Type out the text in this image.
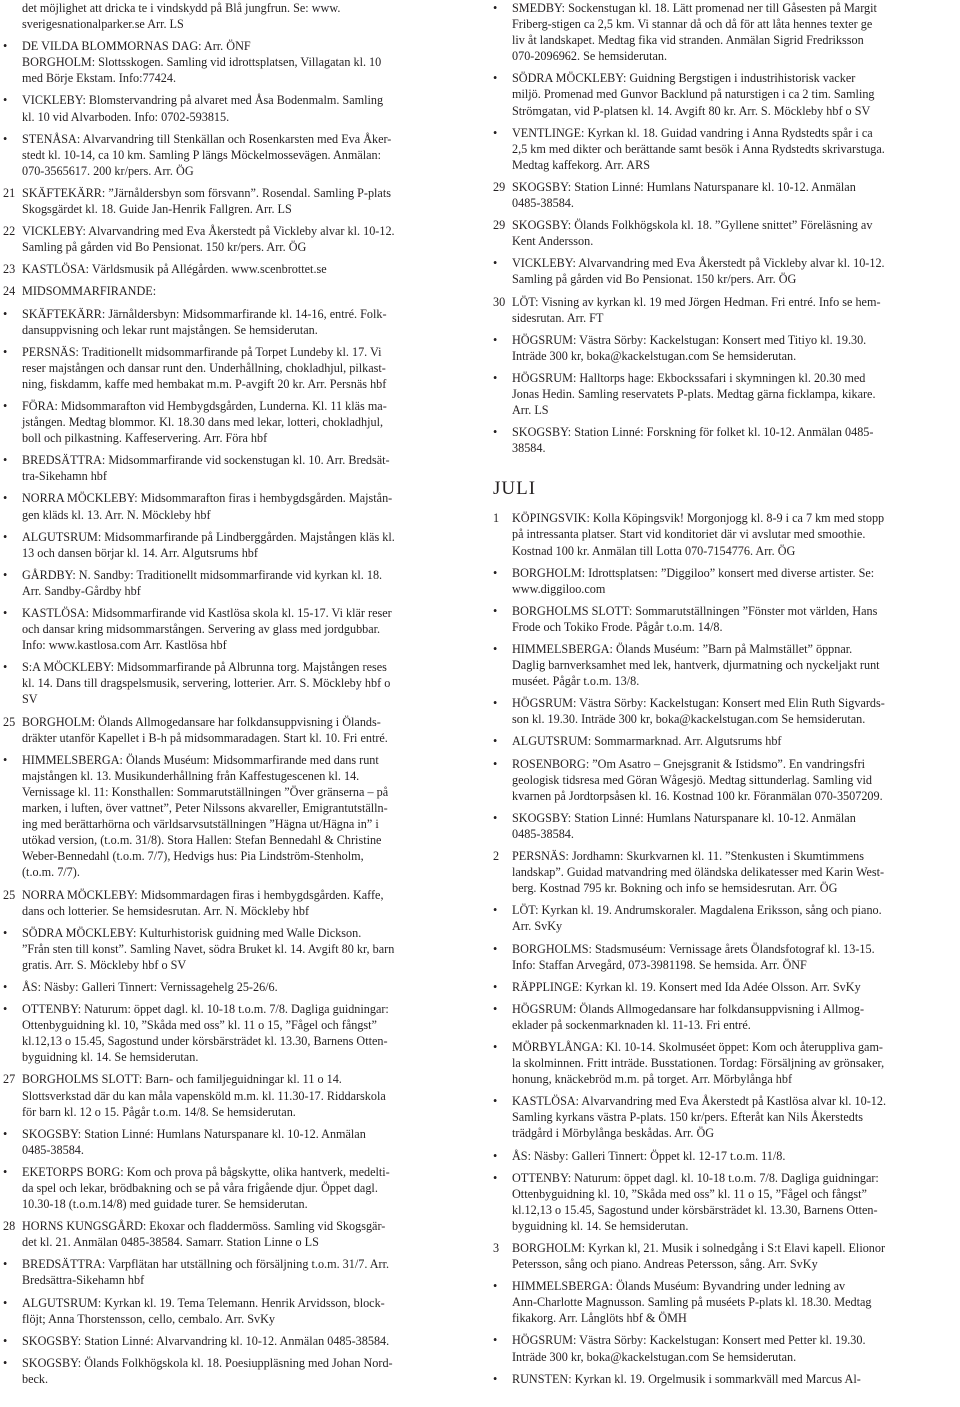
det möjlighet att dricka te i vindskydd på Blå jungfrun. Se: www.
sverigesnationalparker.se Arr. LS
•	DE VILDA BLOMMORNAS DAG: Arr. ÖNF
BORGHOLM: Slottsskogen. Samling vid idrottsplatsen, Villagatan kl. 10
med Börje Ekstam. Info:77424.
•	VICKLEBY: Blomstervandring på alvaret med Åsa Bodenmalm. Samling
kl. 10 vid Alvarboden. Info: 0702-593815.
•	STENÅSA: Alvarvandring till Stenkällan och Rosenkarsten med Eva Åker-
stedt kl. 10-14, ca 10 km. Samling P längs Möckelmossevägen. Anmälan:
070-3565617. 200 kr/pers. Arr. ÖG
21 SKÄFTEKÄRR: ”Järnåldersbyn som försvann”. Rosendal. Samling P-plats
Skogsgärdet kl. 18. Guide Jan-Henrik Fallgren. Arr. LS
22 VICKLEBY: Alvarvandring med Eva Åkerstedt på Vickleby alvar kl. 10-12.
Samling på gården vid Bo Pensionat. 150 kr/pers. Arr. ÖG
23 KASTLÖSA: Världsmusik på Allégården. www.scenbrottet.se
24 MIDSOMMARFIRANDE:
•	SKÄFTEKÄRR: Järnåldersbyn: Midsommarfirande kl. 14-16, entré. Folk-
dansuppvisning och lekar runt majstången. Se hemsiderutan.
•	PERSNÄS: Traditionellt midsommarfirande på Torpet Lundeby kl. 17. Vi
reser majstången och dansar runt den. Underhållning, chokladhjul, pilkast-
ning, fiskdamm, kaffe med hembakat m.m. P-avgift 20 kr. Arr. Persnäs hbf
•	FÖRA: Midsommarafton vid Hembygdsgården, Lunderna. Kl. 11 kläs ma-
jstången. Medtag blommor. Kl. 18.30 dans med lekar, lotteri, chokladhjul,
boll och pilkastning. Kaffeservering. Arr. Föra hbf
•	BREDSÄTTRA: Midsommarfirande vid sockenstugan kl. 10. Arr. Bredsät-
tra-Sikehamn hbf
•	NORRA MÖCKLEBY: Midsommarafton firas i hembygdsgården. Majstån-
gen kläds kl. 13. Arr. N. Möckleby hbf
•	ALGUTSRUM: Midsommarfirande på Lindberggården. Majstången kläs kl.
13 och dansen börjar kl. 14. Arr. Algutsrums hbf
•	GÅRDBY: N. Sandby: Traditionellt midsommarfirande vid kyrkan kl. 18.
Arr. Sandby-Gårdby hbf
•	KASTLÖSA: Midsommarfirande vid Kastlösa skola kl. 15-17. Vi klär reser
och dansar kring midsommarstången. Servering av glass med jordgubbar.
Info: www.kastlosa.com Arr. Kastlösa hbf
•	S:A MÖCKLEBY: Midsommarfirande på Albrunna torg. Majstången reses
kl. 14. Dans till dragspelsmusik, servering, lotterier. Arr. S. Möckleby hbf o
SV
25 BORGHOLM: Ölands Allmogedansare har folkdansuppvisning i Ölands-
dräkter utanför Kapellet i B-h på midsommaradagen. Start kl. 10. Fri entré.
•	HIMMELSBERGA: Ölands Muséum: Midsommarfirande med dans runt
majstången kl. 13. Musikunderhållning från Kaffestugescenen kl. 14.
Vernissage kl. 11: Konsthallen: Sommarutställningen ”Över gränserna – på
marken, i luften, över vattnet”, Peter Nilssons akvareller, Emigrantutställn-
ing med berättarhörna och världsarvsutställningen ”Hägna ut/Hägna in” i
utökad version, (t.o.m. 31/8). Stora Hallen: Stefan Bennedahl & Christine
Weber-Bennedahl (t.o.m. 7/7), Hedvigs hus: Pia Lindström-Stenholm,
(t.o.m. 7/7).
25 NORRA MÖCKLEBY: Midsommardagen firas i hembygdsgården. Kaffe,
dans och lotterier. Se hemsidesrutan. Arr. N. Möckleby hbf
•	SÖDRA MÖCKLEBY: Kulturhistorisk guidning med Walle Dickson.
”Från sten till konst”. Samling Navet, södra Bruket kl. 14. Avgift 80 kr, barn
gratis. Arr. S. Möckleby hbf o SV
•	ÅS: Näsby: Galleri Tinnert: Vernissagehelg 25-26/6.
•	OTTENBY: Naturum: öppet dagl. kl. 10-18 t.o.m. 7/8. Dagliga guidningar:
Ottenbyguidning kl. 10, ”Skåda med oss” kl. 11 o 15, ”Fågel och fångst”
kl.12,13 o 15.45, Sagostund under körsbärsträdet kl. 13.30, Barnens Otten-
byguidning kl. 14. Se hemsiderutan.
27 BORGHOLMS SLOTT: Barn- och familjeguidningar kl. 11 o 14.
Slottsverkstad där du kan måla vapensköld m.m. kl. 11.30-17. Riddarskola
för barn kl. 12 o 15. Pågår t.o.m. 14/8. Se hemsiderutan.
•	SKOGSBY: Station Linné: Humlans Naturspanare kl. 10-12. Anmälan
0485-38584.
•	EKETORPS BORG: Kom och prova på bågskytte, olika hantverk, medelti-
da spel och lekar, brödbakning och se på våra frigående djur. Öppet dagl.
10.30-18 (t.o.m.14/8) med guidade turer. Se hemsiderutan.
28 HORNS KUNGSGÅRD: Ekoxar och fladdermöss. Samling vid Skogsgär-
det kl. 21. Anmälan 0485-38584. Samarr. Station Linne o LS
•	BREDSÄTTRA: Varpflätan har utställning och försäljning t.o.m. 31/7. Arr.
Bredsättra-Sikehamn hbf
•	ALGUTSRUM: Kyrkan kl. 19. Tema Telemann. Henrik Arvidsson, block-
flöjt; Anna Thorstensson, cello, cembalo. Arr. SvKy
•	SKOGSBY: Station Linné: Alvarvandring kl. 10-12. Anmälan 0485-38584.
•	SKOGSBY: Ölands Folkhögskola kl. 18. Poesiuppläsning med Johan Nord-
beck.
•	SMEDBY: Sockenstugan kl. 18. Lätt promenad ner till Gåsesten på Margit
Friberg-stigen ca 2,5 km. Vi stannar då och då för att låta hennes texter ge
liv åt landskapet. Medtag fika vid stranden. Anmälan Sigrid Fredriksson
070-2096962. Se hemsiderutan.
•	SÖDRA MÖCKLEBY: Guidning Bergstigen i industrihistorisk vacker
miljö. Promenad med Gunvor Backlund på naturstigen i ca 2 tim. Samling
Strömgatan, vid P-platsen kl. 14. Avgift 80 kr. Arr. S. Möckleby hbf o SV
•	VENTLINGE: Kyrkan kl. 18. Guidad vandring i Anna Rydstedts spår i ca
2,5 km med dikter och berättande samt besök i Anna Rydstedts skrivarstuga.
Medtag kaffekorg. Arr. ARS
29 SKOGSBY: Station Linné: Humlans Naturspanare kl. 10-12. Anmälan
0485-38584.
29 SKOGSBY: Ölands Folkhögskola kl. 18. ”Gyllene snittet” Föreläsning av
Kent Andersson.
•	VICKLEBY: Alvarvandring med Eva Åkerstedt på Vickleby alvar kl. 10-12.
Samling på gården vid Bo Pensionat. 150 kr/pers. Arr. ÖG
30 LÖT: Visning av kyrkan kl. 19 med Jörgen Hedman. Fri entré. Info se hem-
sidesrutan. Arr. FT
•	HÖGSRUM: Västra Sörby: Kackelstugan: Konsert med Titiyo kl. 19.30.
Inträde 300 kr, boka@kackelstugan.com Se hemsiderutan.
•	HÖGSRUM: Halltorps hage: Ekbockssafari i skymningen kl. 20.30 med
Jonas Hedin. Samling reservatets P-plats. Medtag gärna ficklampa, kikare.
Arr. LS
•	SKOGSBY: Station Linné: Forskning för folket kl. 10-12. Anmälan 0485-
38584.
JULI
1	KÖPINGSVIK: Kolla Köpingsvik! Morgonjogg kl. 8-9 i ca 7 km med stopp
på intressanta platser. Start vid konditoriet där vi avslutar med smoothie.
Kostnad 100 kr. Anmälan till Lotta 070-7154776. Arr. ÖG
•	BORGHOLM: Idrottsplatsen: ”Diggiloo” konsert med diverse artister. Se:
www.diggiloo.com
•	BORGHOLMS SLOTT: Sommarutställningen ”Fönster mot världen, Hans
Frode och Tokiko Frode. Pågår t.o.m. 14/8.
•	HIMMELSBERGA: Ölands Muséum: ”Barn på Malmstället” öppnar.
Daglig barnverksamhet med lek, hantverk, djurmatning och nyckeljakt runt
muséet. Pågår t.o.m. 13/8.
•	HÖGSRUM: Västra Sörby: Kackelstugan: Konsert med Elin Ruth Sigvards-
son kl. 19.30. Inträde 300 kr, boka@kackelstugan.com Se hemsiderutan.
•	ALGUTSRUM: Sommarmarknad. Arr. Algutsrums hbf
•	ROSENBORG: ”Om Asatro – Gnejsgranit & Istidsmo”. En vandringsfri
geologisk tidsresa med Göran Wågesjö. Medtag sittunderlag. Samling vid
kvarnen på Jordtorpsåsen kl. 16. Kostnad 100 kr. Föranmälan 070-3507209.
•	SKOGSBY: Station Linné: Humlans Naturspanare kl. 10-12. Anmälan
0485-38584.
2	PERSNÄS: Jordhamn: Skurkvarnen kl. 11. ”Stenkusten i Skumtimmens
landskap”. Guidad matvandring med öländska delikatesser med Karin West-
berg. Kostnad 795 kr. Bokning och info se hemsidesrutan. Arr. ÖG
•	LÖT: Kyrkan kl. 19. Andrumskoraler. Magdalena Eriksson, sång och piano.
Arr. SvKy
•	BORGHOLMS: Stadsmuséum: Vernissage årets Ölandsfotograf kl. 13-15.
Info: Staffan Arvegård, 073-3981198. Se hemsida. Arr. ÖNF
•	RÄPPLINGE: Kyrkan kl. 19. Konsert med Ida Adée Olsson. Arr. SvKy
•	HÖGSRUM: Ölands Allmogedansare har folkdansuppvisning i Allmog-
eklader på sockenmarknaden kl. 11-13. Fri entré.
•	MÖRBYLÅNGA: Kl. 10-14. Skolmuséet öppet: Kom och återuppliva gam-
la skolminnen. Fritt inträde. Busstationen. Tordag: Försäljning av grönsaker,
honung, knäckebröd m.m. på torget. Arr. Mörbylånga hbf
•	KASTLÖSA: Alvarvandring med Eva Åkerstedt på Kastlösa alvar kl. 10-12.
Samling kyrkans västra P-plats. 150 kr/pers. Efteråt kan Nils Åkerstedts
trädgård i Mörbylånga beskådas. Arr. ÖG
•	ÅS: Näsby: Galleri Tinnert: Öppet kl. 12-17 t.o.m. 11/8.
•	OTTENBY: Naturum: öppet dagl. kl. 10-18 t.o.m. 7/8. Dagliga guidningar:
Ottenbyguidning kl. 10, ”Skåda med oss” kl. 11 o 15, ”Fågel och fångst”
kl.12,13 o 15.45, Sagostund under körsbärsträdet kl. 13.30, Barnens Otten-
byguidning kl. 14. Se hemsiderutan.
3	BORGHOLM: Kyrkan kl, 21. Musik i solnedgång i S:t Elavi kapell. Elionor
Petersson, sång och piano. Andreas Petersson, sång. Arr. SvKy
•	HIMMELSBERGA: Ölands Muséum: Byvandring under ledning av
Ann-Charlotte Magnusson. Samling på muséets P-plats kl. 18.30. Medtag
fikakorg. Arr. Långlöts hbf & ÖMH
•	HÖGSRUM: Västra Sörby: Kackelstugan: Konsert med Petter kl. 19.30.
Inträde 300 kr, boka@kackelstugan.com Se hemsiderutan.
•	RUNSTEN: Kyrkan kl. 19. Orgelmusik i sommarkväll med Marcus Al-
